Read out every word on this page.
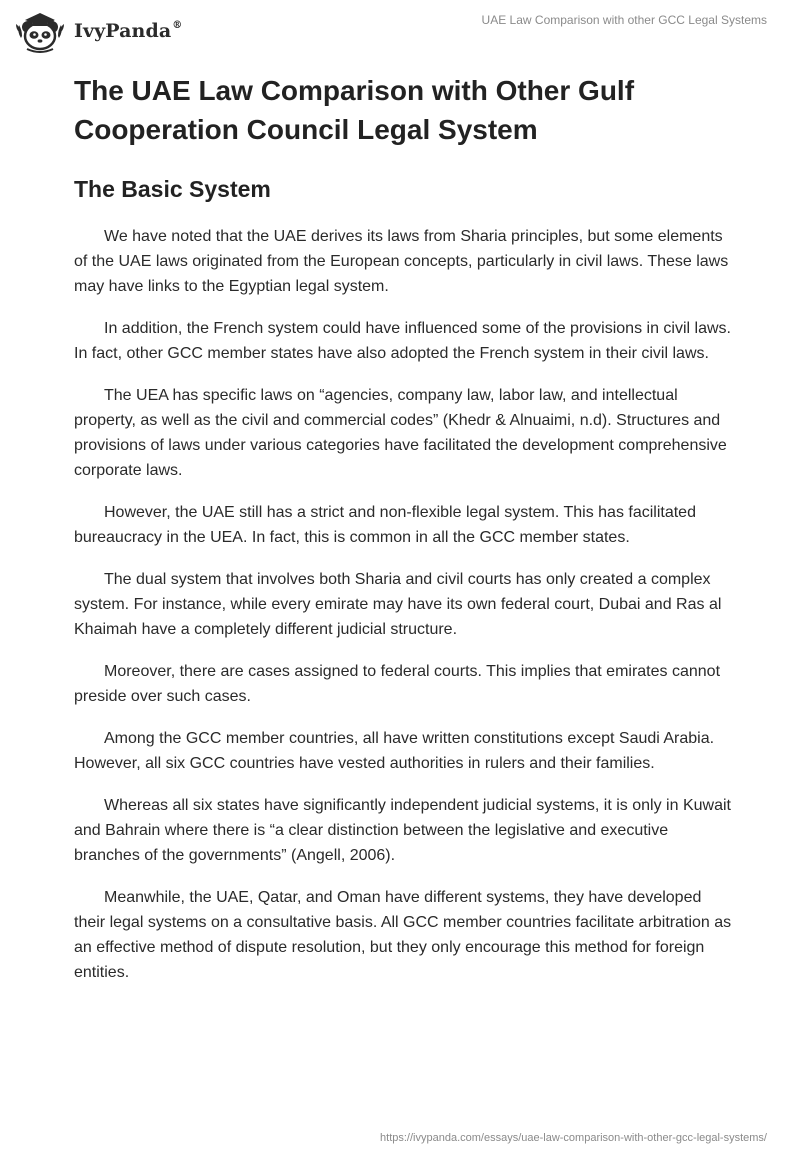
IvyPanda®	UAE Law Comparison with other GCC Legal Systems
The UAE Law Comparison with Other Gulf Cooperation Council Legal System
The Basic System

We have noted that the UAE derives its laws from Sharia principles, but some elements of the UAE laws originated from the European concepts, particularly in civil laws. These laws may have links to the Egyptian legal system.

In addition, the French system could have influenced some of the provisions in civil laws. In fact, other GCC member states have also adopted the French system in their civil laws.

The UEA has specific laws on “agencies, company law, labor law, and intellectual property, as well as the civil and commercial codes” (Khedr & Alnuaimi, n.d). Structures and provisions of laws under various categories have facilitated the development comprehensive corporate laws.

However, the UAE still has a strict and non-flexible legal system. This has facilitated bureaucracy in the UEA. In fact, this is common in all the GCC member states.

The dual system that involves both Sharia and civil courts has only created a complex system. For instance, while every emirate may have its own federal court, Dubai and Ras al Khaimah have a completely different judicial structure.

Moreover, there are cases assigned to federal courts. This implies that emirates cannot preside over such cases.

Among the GCC member countries, all have written constitutions except Saudi Arabia. However, all six GCC countries have vested authorities in rulers and their families.

Whereas all six states have significantly independent judicial systems, it is only in Kuwait and Bahrain where there is “a clear distinction between the legislative and executive branches of the governments” (Angell, 2006).

Meanwhile, the UAE, Qatar, and Oman have different systems, they have developed their legal systems on a consultative basis. All GCC member countries facilitate arbitration as an effective method of dispute resolution, but they only encourage this method for foreign entities.

https://ivypanda.com/essays/uae-law-comparison-with-other-gcc-legal-systems/
